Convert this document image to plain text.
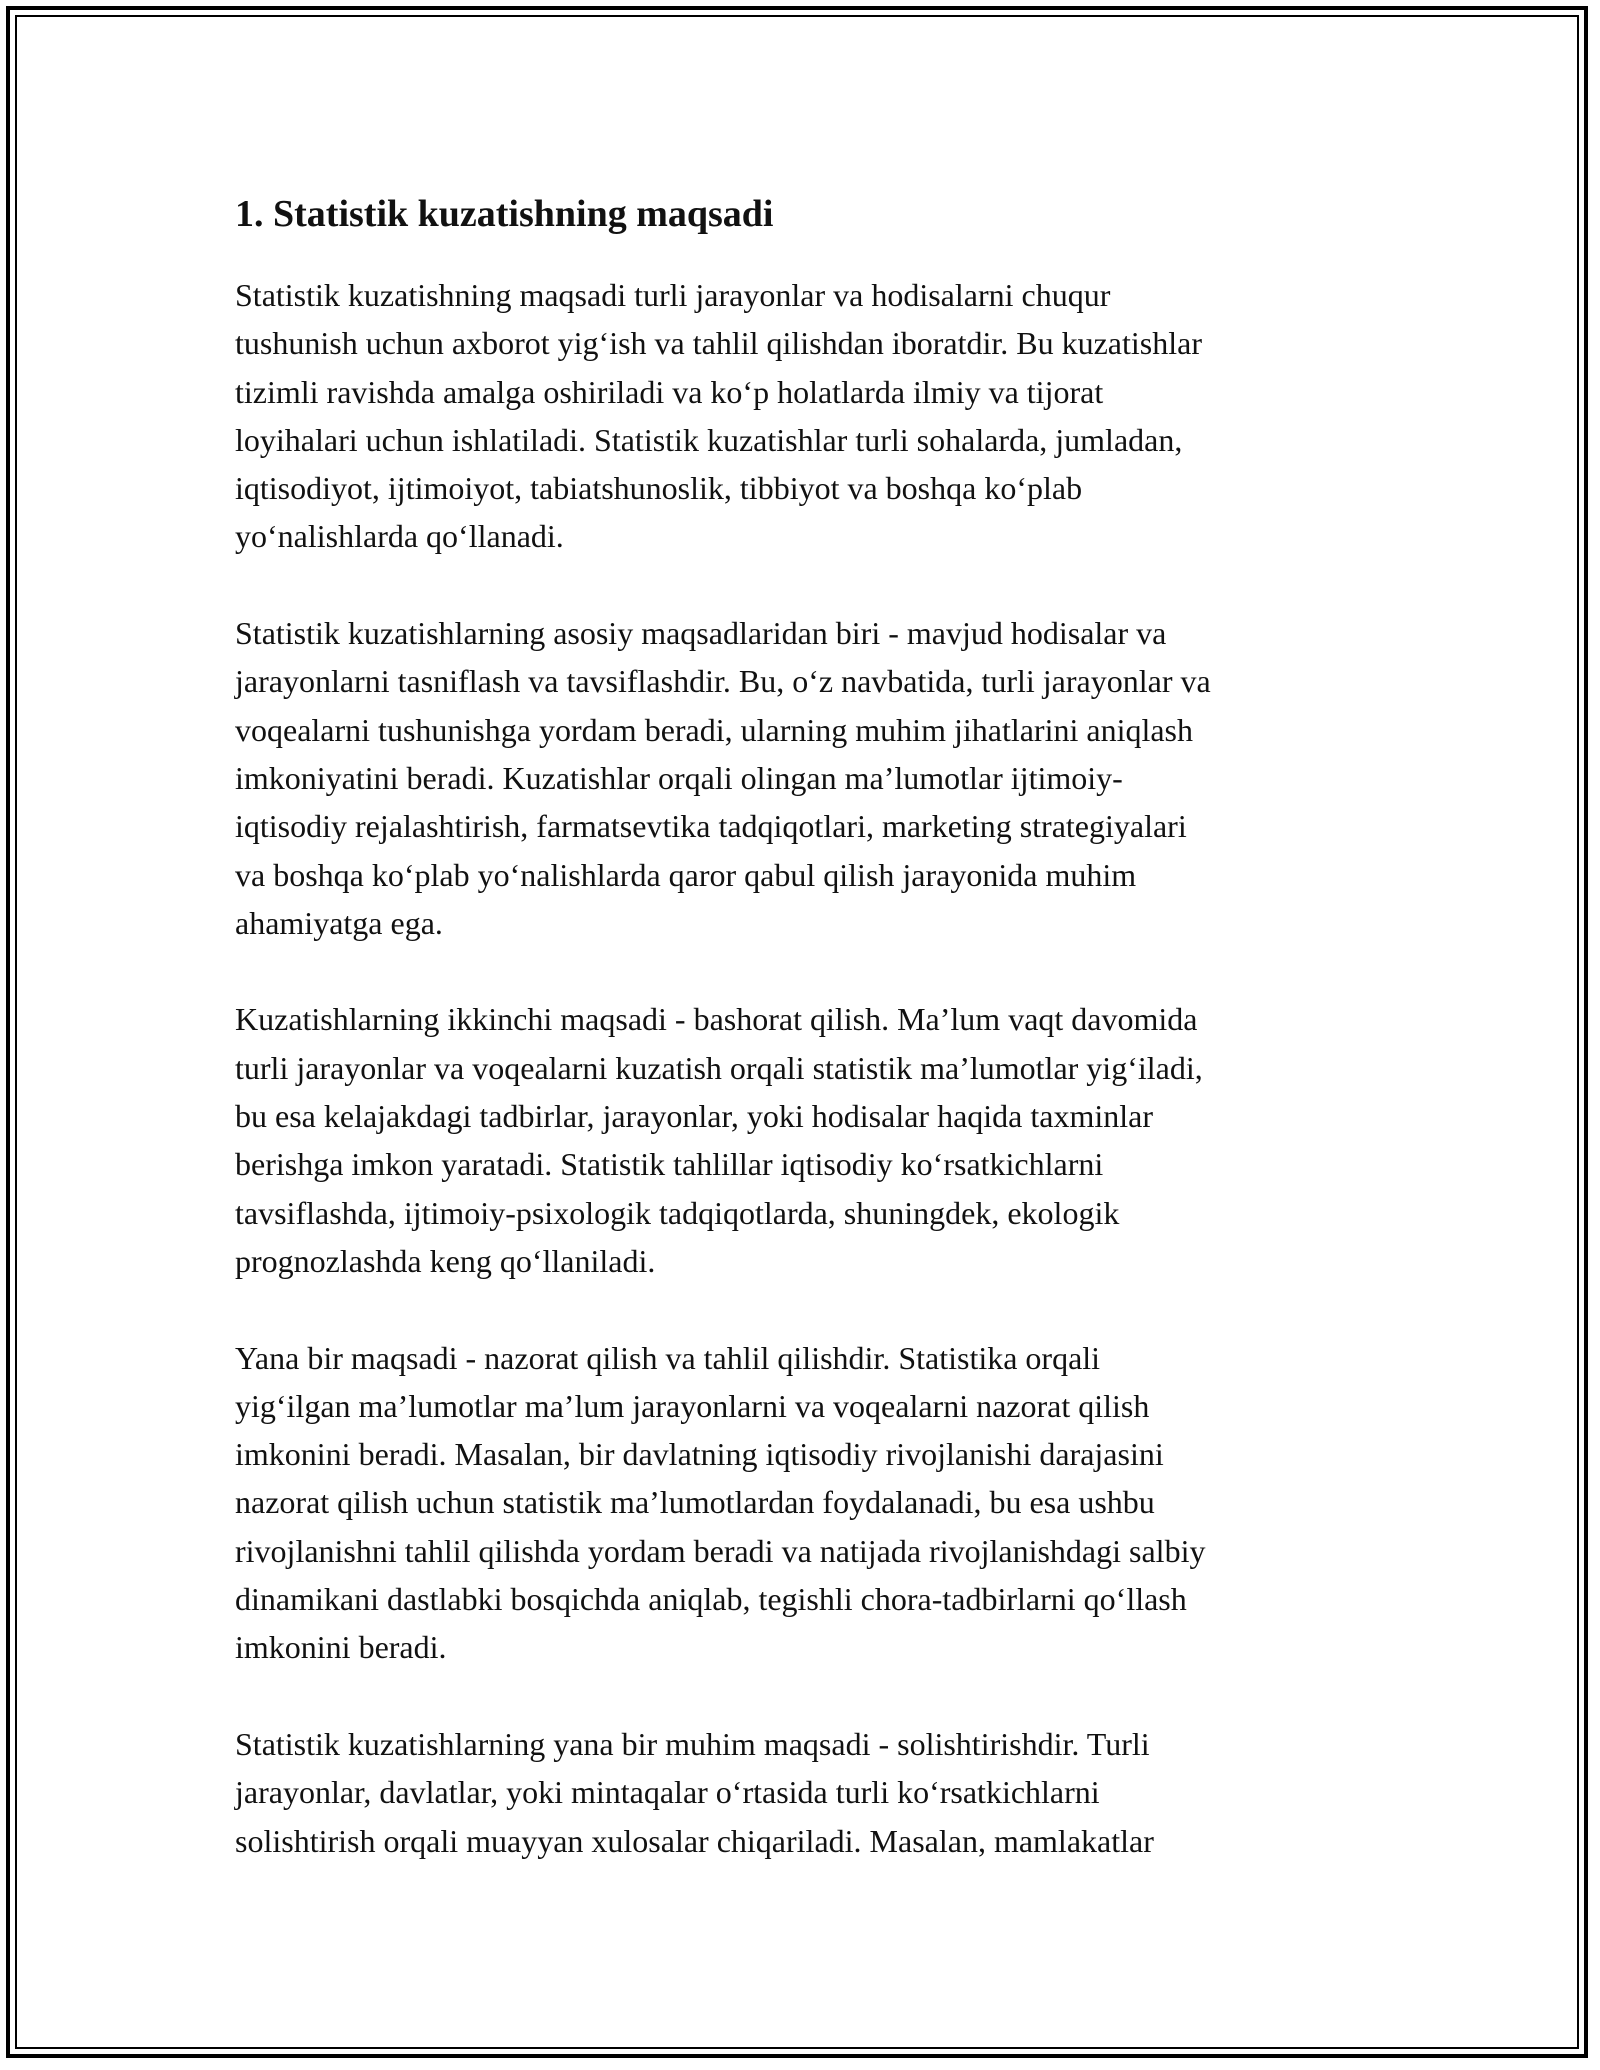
1. Statistik kuzatishning maqsadi

Statistik kuzatishning maqsadi turli jarayonlar va hodisalarni chuqur
tushunish uchun axborot yig‘ish va tahlil qilishdan iboratdir. Bu kuzatishlar
tizimli ravishda amalga oshiriladi va ko‘p holatlarda ilmiy va tijorat
loyihalari uchun ishlatiladi. Statistik kuzatishlar turli sohalarda, jumladan,
iqtisodiyot, ijtimoiyot, tabiatshunoslik, tibbiyot va boshqa ko‘plab
yo‘nalishlarda qo‘llanadi.

Statistik kuzatishlarning asosiy maqsadlaridan biri - mavjud hodisalar va
jarayonlarni tasniflash va tavsiflashdir. Bu, o‘z navbatida, turli jarayonlar va
voqealarni tushunishga yordam beradi, ularning muhim jihatlarini aniqlash
imkoniyatini beradi. Kuzatishlar orqali olingan ma’lumotlar ijtimoiy-
iqtisodiy rejalashtirish, farmatsevtika tadqiqotlari, marketing strategiyalari
va boshqa ko‘plab yo‘nalishlarda qaror qabul qilish jarayonida muhim
ahamiyatga ega.

Kuzatishlarning ikkinchi maqsadi - bashorat qilish. Ma’lum vaqt davomida
turli jarayonlar va voqealarni kuzatish orqali statistik ma’lumotlar yig‘iladi,
bu esa kelajakdagi tadbirlar, jarayonlar, yoki hodisalar haqida taxminlar
berishga imkon yaratadi. Statistik tahlillar iqtisodiy ko‘rsatkichlarni
tavsiflashda, ijtimoiy-psixologik tadqiqotlarda, shuningdek, ekologik
prognozlashda keng qo‘llaniladi.

Yana bir maqsadi - nazorat qilish va tahlil qilishdir. Statistika orqali
yig‘ilgan ma’lumotlar ma’lum jarayonlarni va voqealarni nazorat qilish
imkonini beradi. Masalan, bir davlatning iqtisodiy rivojlanishi darajasini
nazorat qilish uchun statistik ma’lumotlardan foydalanadi, bu esa ushbu
rivojlanishni tahlil qilishda yordam beradi va natijada rivojlanishdagi salbiy
dinamikani dastlabki bosqichda aniqlab, tegishli chora-tadbirlarni qo‘llash
imkonini beradi.

Statistik kuzatishlarning yana bir muhim maqsadi - solishtirishdir. Turli
jarayonlar, davlatlar, yoki mintaqalar o‘rtasida turli ko‘rsatkichlarni
solishtirish orqali muayyan xulosalar chiqariladi. Masalan, mamlakatlar
